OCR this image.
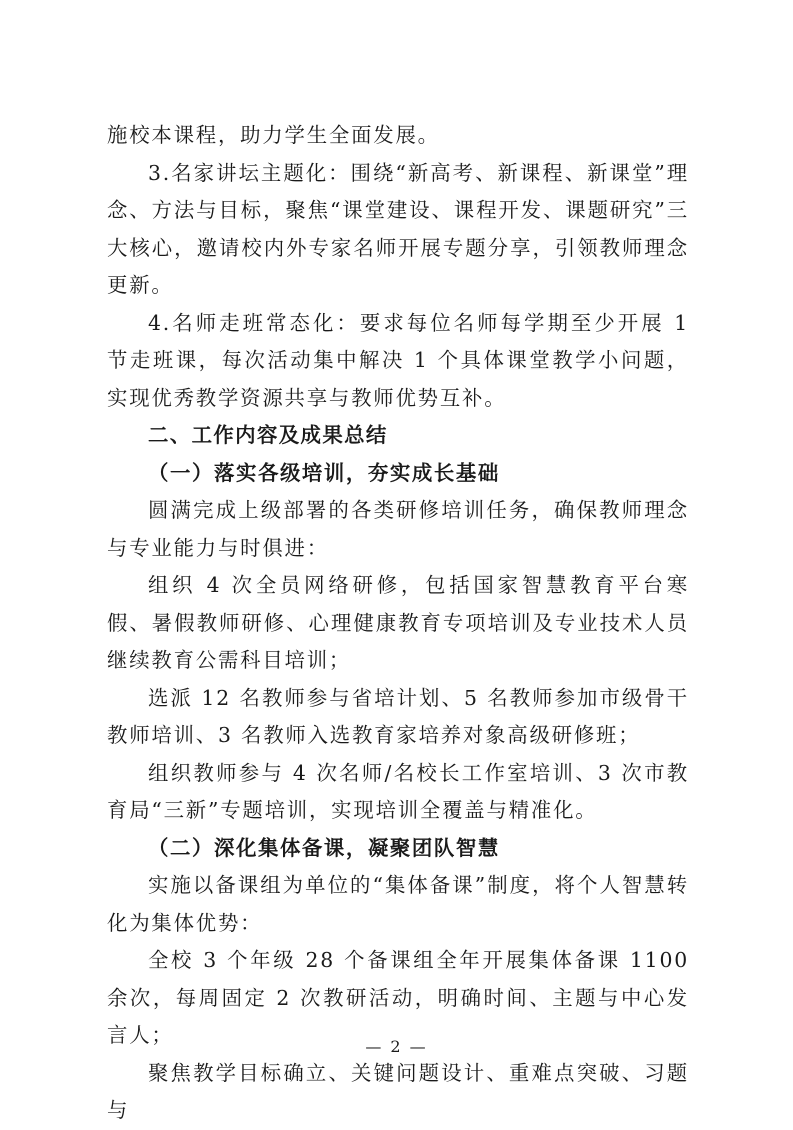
施校本课程，助力学生全面发展。

3.名家讲坛主题化：围绕“新高考、新课程、新课堂”理念、方法与目标，聚焦“课堂建设、课程开发、课题研究”三大核心，邀请校内外专家名师开展专题分享，引领教师理念更新。

4.名师走班常态化：要求每位名师每学期至少开展 1 节走班课，每次活动集中解决 1 个具体课堂教学小问题，实现优秀教学资源共享与教师优势互补。

二、工作内容及成果总结

（一）落实各级培训，夯实成长基础

圆满完成上级部署的各类研修培训任务，确保教师理念与专业能力与时俱进：

组织 4 次全员网络研修，包括国家智慧教育平台寒假、暑假教师研修、心理健康教育专项培训及专业技术人员继续教育公需科目培训；

选派 12 名教师参与省培计划、5 名教师参加市级骨干教师培训、3 名教师入选教育家培养对象高级研修班；

组织教师参与 4 次名师/名校长工作室培训、3 次市教育局“三新”专题培训，实现培训全覆盖与精准化。

（二）深化集体备课，凝聚团队智慧

实施以备课组为单位的“集体备课”制度，将个人智慧转化为集体优势：

全校 3 个年级 28 个备课组全年开展集体备课 1100 余次，每周固定 2 次教研活动，明确时间、主题与中心发言人；

聚焦教学目标确立、关键问题设计、重难点突破、习题与

— 2 —
